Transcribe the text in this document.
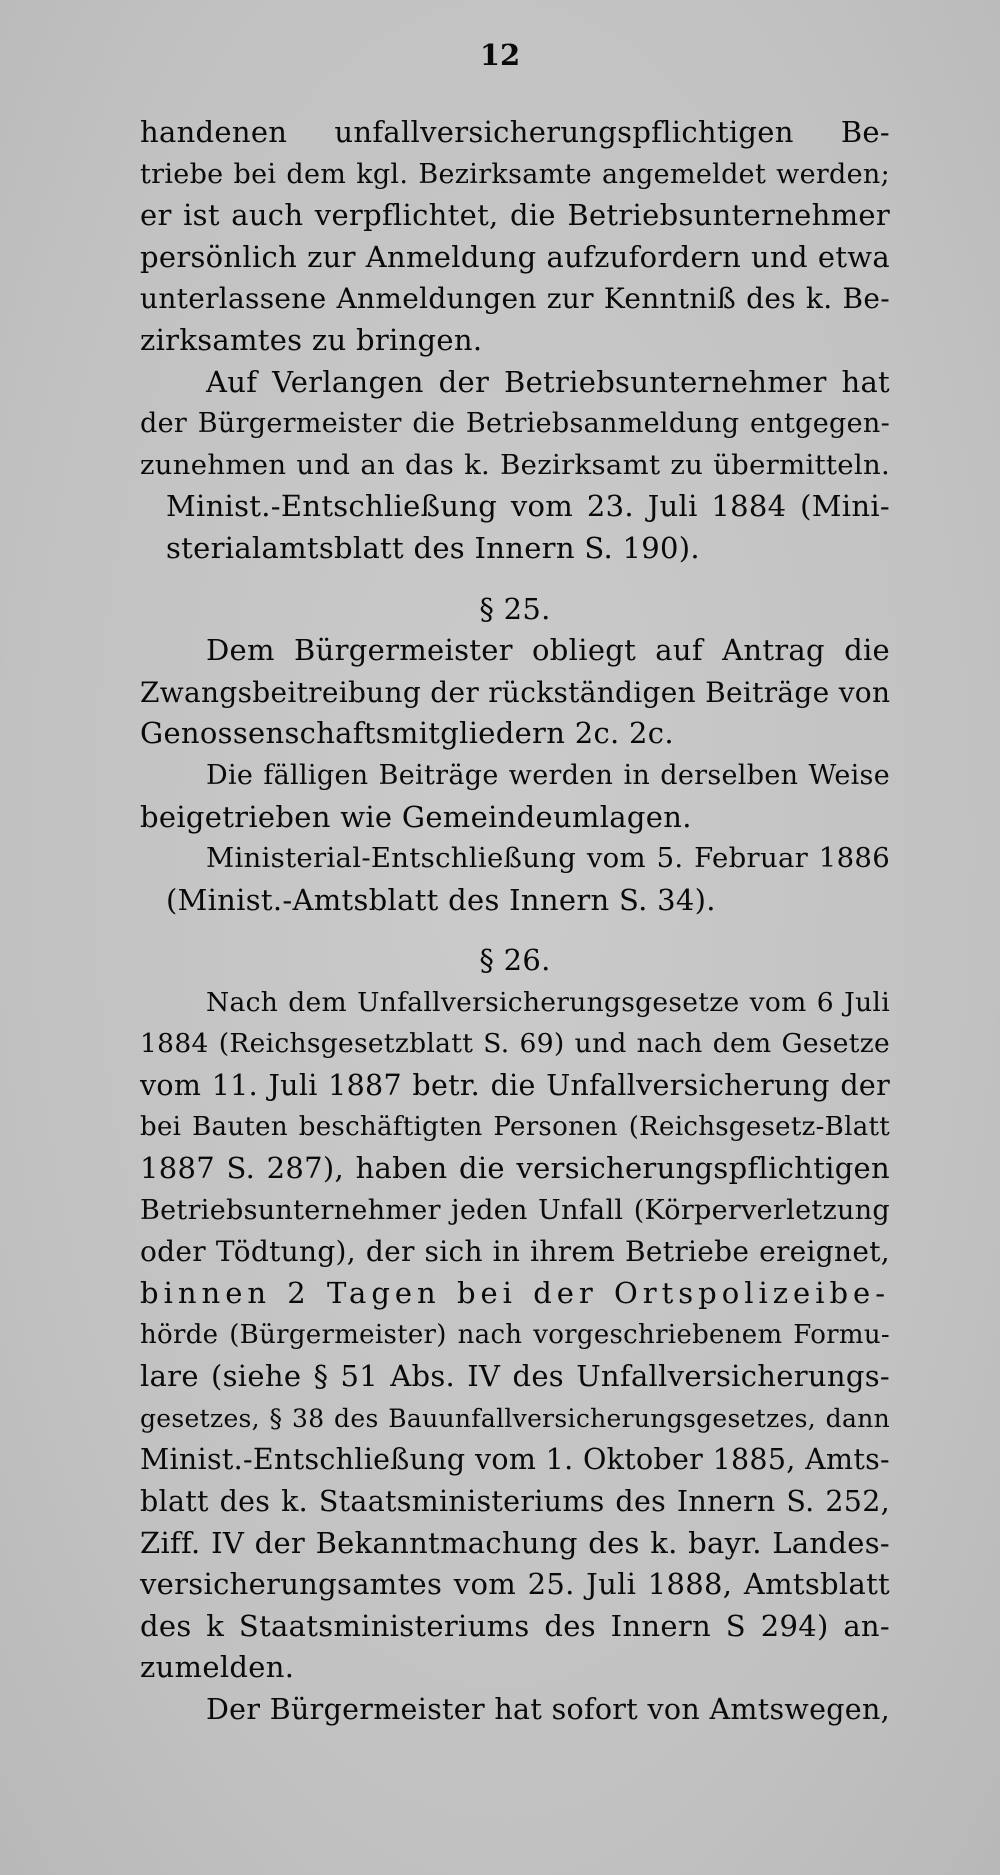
12
handenen unfallversicherungspflichtigen Be-
triebe bei dem kgl. Bezirksamte angemeldet werden;
er ist auch verpflichtet, die Betriebsunternehmer
persönlich zur Anmeldung aufzufordern und etwa
unterlassene Anmeldungen zur Kenntniß des k. Be-
zirksamtes zu bringen.
Auf Verlangen der Betriebsunternehmer hat
der Bürgermeister die Betriebsanmeldung entgegen-
zunehmen und an das k. Bezirksamt zu übermitteln.
Minist.-Entschließung vom 23. Juli 1884 (Mini-
sterialamtsblatt des Innern S. 190).
§ 25.
Dem Bürgermeister obliegt auf Antrag die
Zwangsbeitreibung der rückständigen Beiträge von
Genossenschaftsmitgliedern 2c. 2c.
Die fälligen Beiträge werden in derselben Weise
beigetrieben wie Gemeindeumlagen.
Ministerial-Entschließung vom 5. Februar 1886
(Minist.-Amtsblatt des Innern S. 34).
§ 26.
Nach dem Unfallversicherungsgesetze vom 6 Juli
1884 (Reichsgesetzblatt S. 69) und nach dem Gesetze
vom 11. Juli 1887 betr. die Unfallversicherung der
bei Bauten beschäftigten Personen (Reichsgesetz-Blatt
1887 S. 287), haben die versicherungspflichtigen
Betriebsunternehmer jeden Unfall (Körperverletzung
oder Tödtung), der sich in ihrem Betriebe ereignet,
binnen 2 Tagen bei der Ortspolizeibe-
hörde (Bürgermeister) nach vorgeschriebenem Formu-
lare (siehe § 51 Abs. IV des Unfallversicherungs-
gesetzes, § 38 des Bauunfallversicherungsgesetzes, dann
Minist.-Entschließung vom 1. Oktober 1885, Amts-
blatt des k. Staatsministeriums des Innern S. 252,
Ziff. IV der Bekanntmachung des k. bayr. Landes-
versicherungsamtes vom 25. Juli 1888, Amtsblatt
des k Staatsministeriums des Innern S 294) an-
zumelden.
Der Bürgermeister hat sofort von Amtswegen,
